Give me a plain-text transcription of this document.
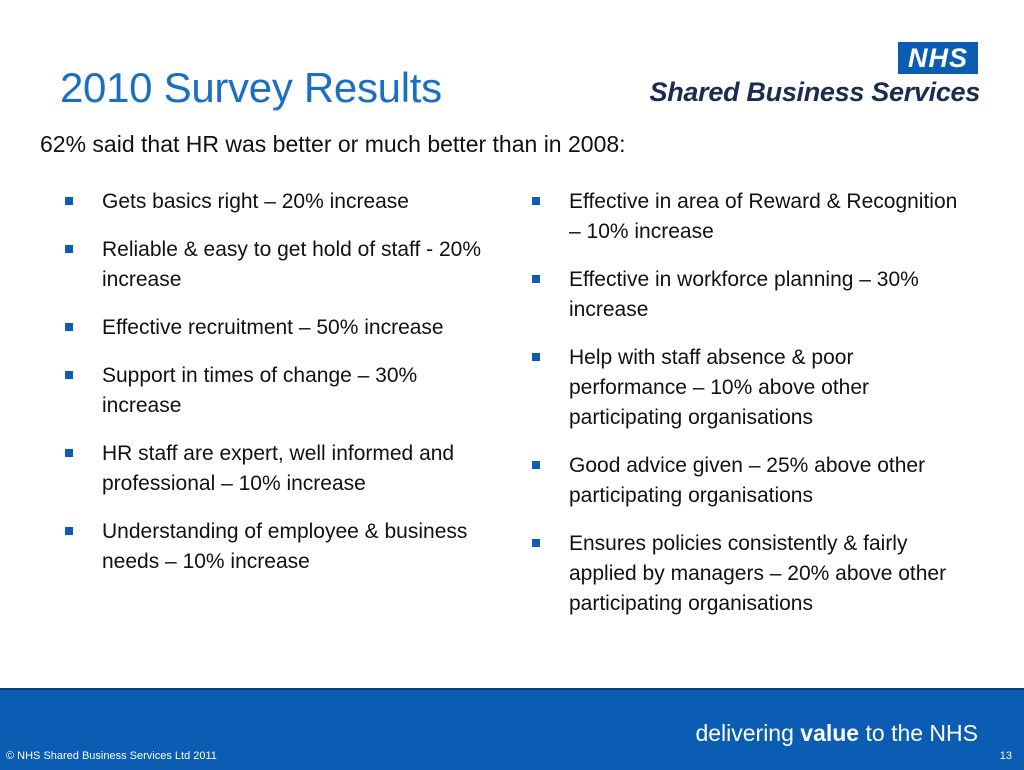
2010 Survey Results
NHS
Shared Business Services
62% said that HR was better or much better than in 2008:
Gets basics right – 20% increase
Reliable & easy to get hold of staff - 20% increase
Effective recruitment – 50% increase
Support in times of change – 30% increase
HR staff are expert, well informed and professional – 10% increase
Understanding of employee & business needs – 10% increase
Effective in area of Reward & Recognition – 10% increase
Effective in workforce planning – 30% increase
Help with staff absence & poor performance – 10% above other participating organisations
Good advice given – 25% above other participating organisations
Ensures policies consistently & fairly applied by managers – 20% above other participating organisations
delivering value to the NHS
© NHS Shared Business Services Ltd 2011	13
